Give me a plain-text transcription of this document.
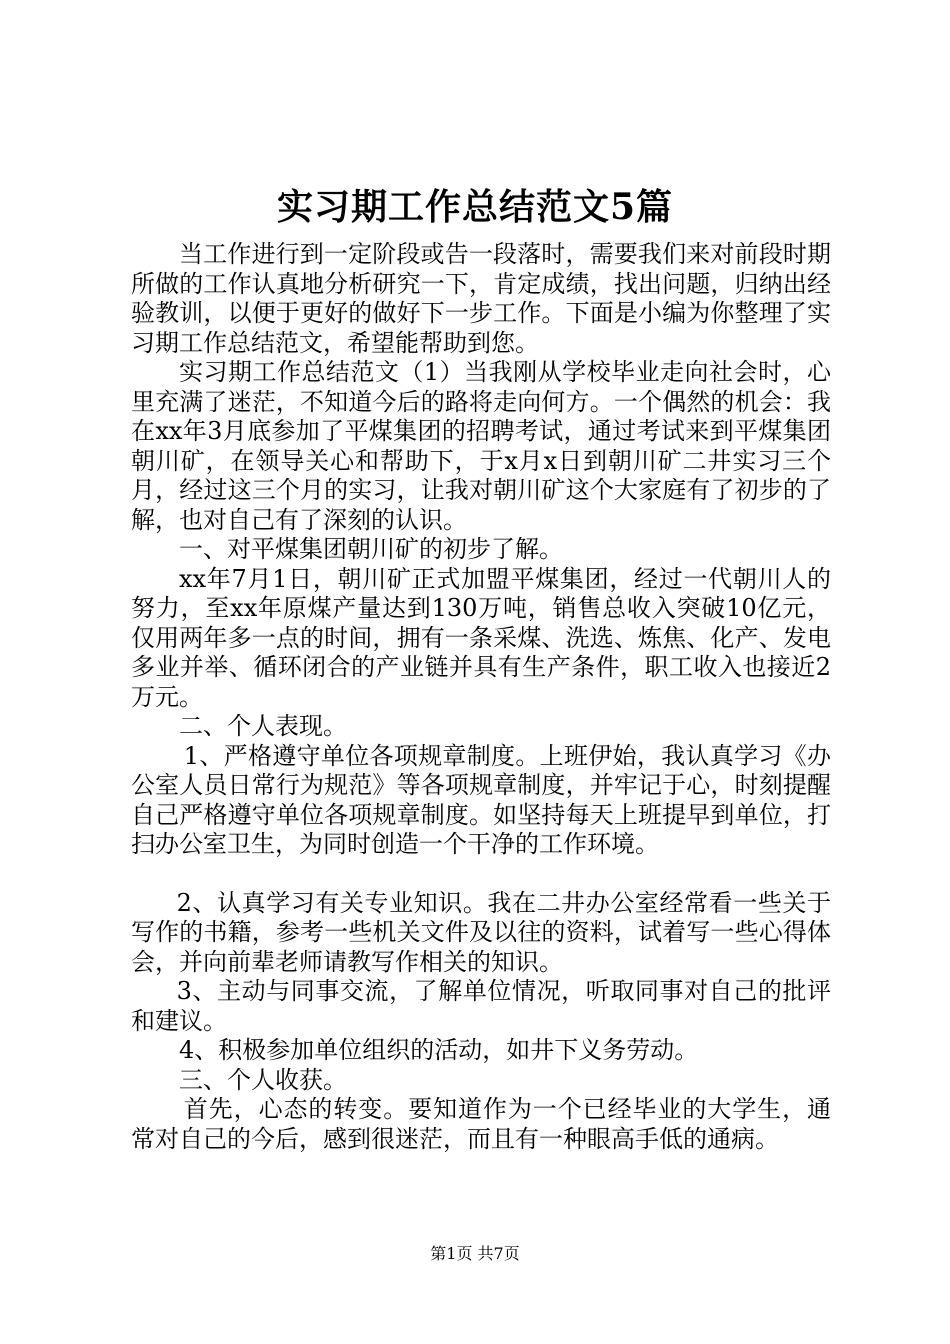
实习期工作总结范文5篇

当工作进行到一定阶段或告一段落时，需要我们来对前段时期所做的工作认真地分析研究一下，肯定成绩，找出问题，归纳出经验教训，以便于更好的做好下一步工作。下面是小编为你整理了实习期工作总结范文，希望能帮助到您。

实习期工作总结范文（1）当我刚从学校毕业走向社会时，心里充满了迷茫，不知道今后的路将走向何方。一个偶然的机会：我在xx年3月底参加了平煤集团的招聘考试，通过考试来到平煤集团朝川矿，在领导关心和帮助下，于x月x日到朝川矿二井实习三个月，经过这三个月的实习，让我对朝川矿这个大家庭有了初步的了解，也对自己有了深刻的认识。

一、对平煤集团朝川矿的初步了解。

xx年7月1日，朝川矿正式加盟平煤集团，经过一代朝川人的努力，至xx年原煤产量达到130万吨，销售总收入突破10亿元，仅用两年多一点的时间，拥有一条采煤、洗选、炼焦、化产、发电多业并举、循环闭合的产业链并具有生产条件，职工收入也接近2万元。

二、个人表现。

1、严格遵守单位各项规章制度。上班伊始，我认真学习《办公室人员日常行为规范》等各项规章制度，并牢记于心，时刻提醒自己严格遵守单位各项规章制度。如坚持每天上班提早到单位，打扫办公室卫生，为同时创造一个干净的工作环境。

2、认真学习有关专业知识。我在二井办公室经常看一些关于写作的书籍，参考一些机关文件及以往的资料，试着写一些心得体会，并向前辈老师请教写作相关的知识。

3、主动与同事交流，了解单位情况，听取同事对自己的批评和建议。

4、积极参加单位组织的活动，如井下义务劳动。

三、个人收获。

首先，心态的转变。要知道作为一个已经毕业的大学生，通常对自己的今后，感到很迷茫，而且有一种眼高手低的通病。

第1页 共7页
